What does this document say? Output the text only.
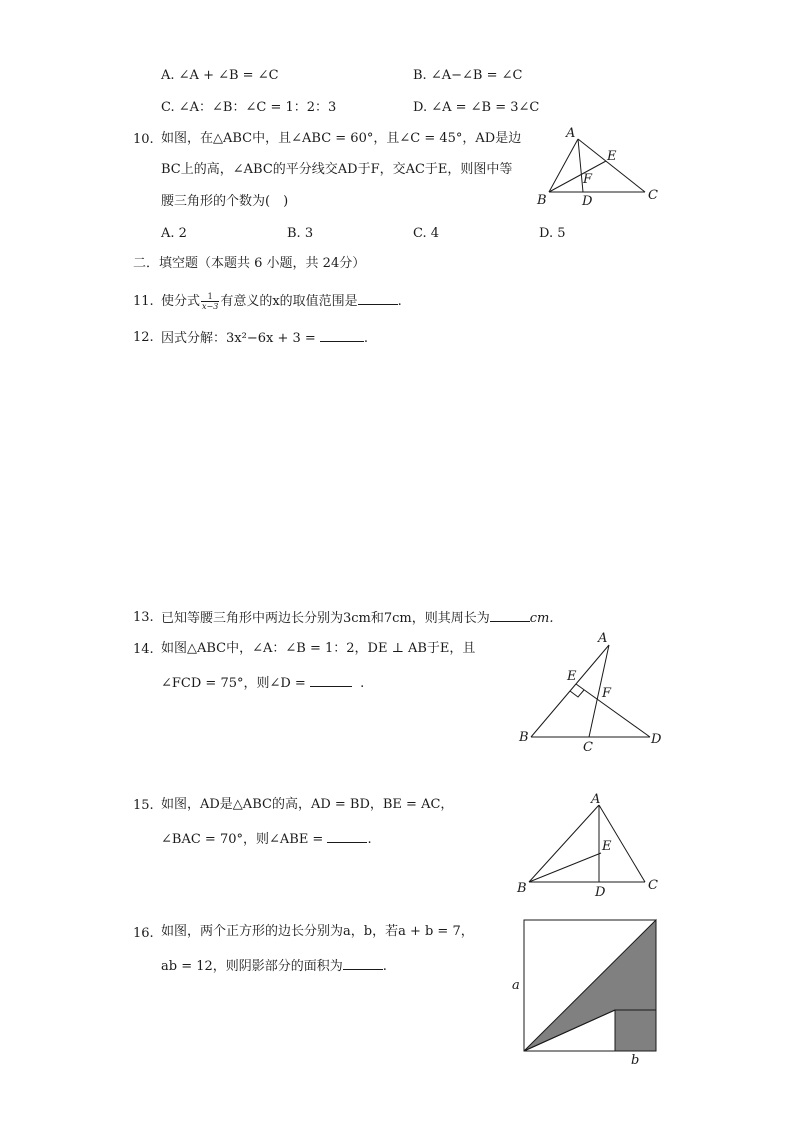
A. ∠A + ∠B = ∠C	B. ∠A−∠B = ∠C
C. ∠A：∠B：∠C = 1：2：3	D. ∠A = ∠B = 3∠C
10. 如图，在△ABC中，且∠ABC = 60°，且∠C = 45°，AD是边
BC上的高，∠ABC的平分线交AD于F，交AC于E，则图中等
腰三角形的个数为(　)
A. 2	B. 3	C. 4	D. 5
A
B	C
D
E
F
二．填空题（本题共 6 小题，共 24分）
11. 使分式 $\frac{1}{x-3}$ 有意义的x的取值范围是	.
12. 因式分解：3x²−6x + 3 =	.
13. 已知等腰三角形中两边长分别为3cm和7cm，则其周长为	cm.
14. 如图△ABC中，∠A：∠B = 1：2，DE ⊥ AB于E，且
∠FCD = 75°，则∠D =	.
A
B
C
D
E
F
15. 如图，AD是△ABC的高，AD = BD，BE = AC，
∠BAC = 70°，则∠ABE =	.
A
B	C
D
E
16. 如图，两个正方形的边长分别为a，b，若a + b = 7，
ab = 12，则阴影部分的面积为	.
a
b
